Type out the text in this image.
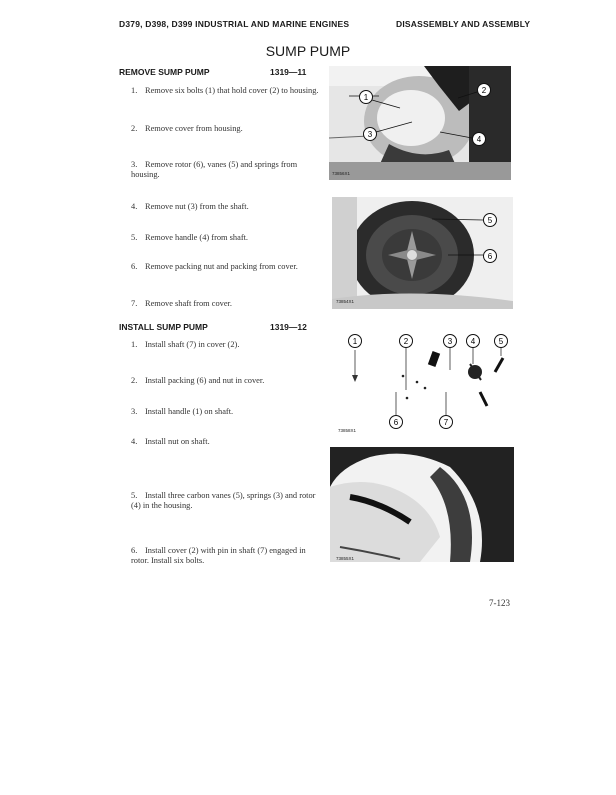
D379, D398, D399 INDUSTRIAL AND MARINE ENGINES	DISASSEMBLY AND ASSEMBLY
SUMP PUMP
REMOVE SUMP PUMP	1319—11
1. Remove six bolts (1) that hold cover (2) to housing.
2. Remove cover from housing.
3. Remove rotor (6), vanes (5) and springs from housing.
4. Remove nut (3) from the shaft.
5. Remove handle (4) from shaft.
6. Remove packing nut and packing from cover.
7. Remove shaft from cover.
INSTALL SUMP PUMP	1319—12
1. Install shaft (7) in cover (2).
2. Install packing (6) and nut in cover.
3. Install handle (1) on shaft.
4. Install nut on shaft.
5. Install three carbon vanes (5), springs (3) and rotor (4) in the housing.
6. Install cover (2) with pin in shaft (7) engaged in rotor. Install six bolts.
1
2
3
4
73856X1
5
6
73854X1
1	2	3 4	5
6	7
73858X1
73855X1
7-123
